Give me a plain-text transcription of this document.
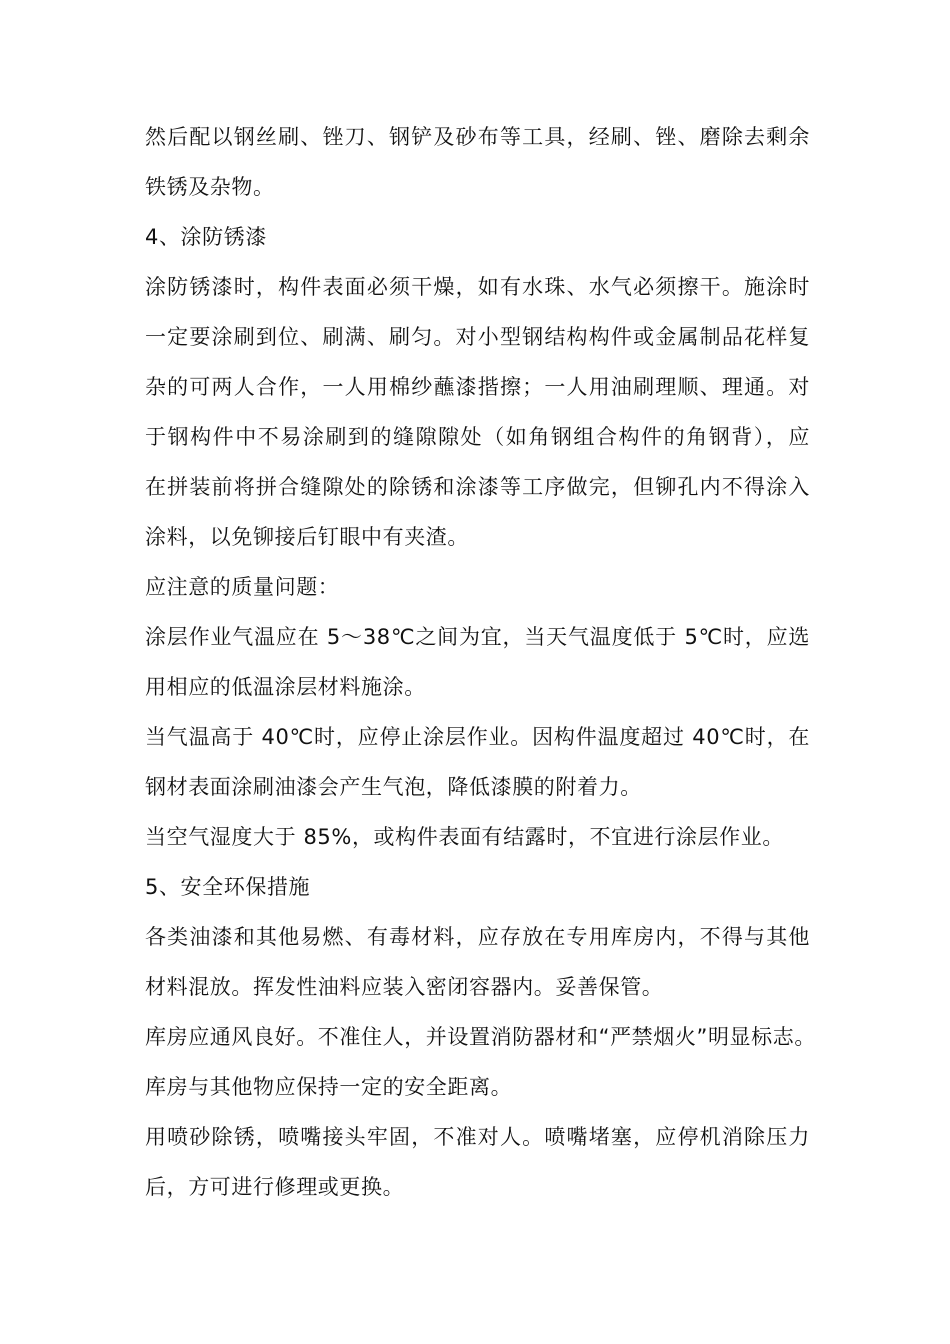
然后配以钢丝刷、锉刀、钢铲及砂布等工具，经刷、锉、磨除去剩余
铁锈及杂物。
4、涂防锈漆
涂防锈漆时，构件表面必须干燥，如有水珠、水气必须擦干。施涂时
一定要涂刷到位、刷满、刷匀。对小型钢结构构件或金属制品花样复
杂的可两人合作，一人用棉纱蘸漆揩擦；一人用油刷理顺、理通。对
于钢构件中不易涂刷到的缝隙隙处（如角钢组合构件的角钢背），应
在拼装前将拼合缝隙处的除锈和涂漆等工序做完，但铆孔内不得涂入
涂料，以免铆接后钉眼中有夹渣。
应注意的质量问题：
涂层作业气温应在 5～38℃之间为宜，当天气温度低于 5℃时，应选
用相应的低温涂层材料施涂。
当气温高于 40℃时，应停止涂层作业。因构件温度超过 40℃时，在
钢材表面涂刷油漆会产生气泡，降低漆膜的附着力。
当空气湿度大于 85%，或构件表面有结露时，不宜进行涂层作业。
5、安全环保措施
各类油漆和其他易燃、有毒材料，应存放在专用库房内，不得与其他
材料混放。挥发性油料应装入密闭容器内。妥善保管。
库房应通风良好。不准住人，并设置消防器材和“严禁烟火”明显标志。
库房与其他物应保持一定的安全距离。
用喷砂除锈，喷嘴接头牢固，不准对人。喷嘴堵塞，应停机消除压力
后，方可进行修理或更换。
